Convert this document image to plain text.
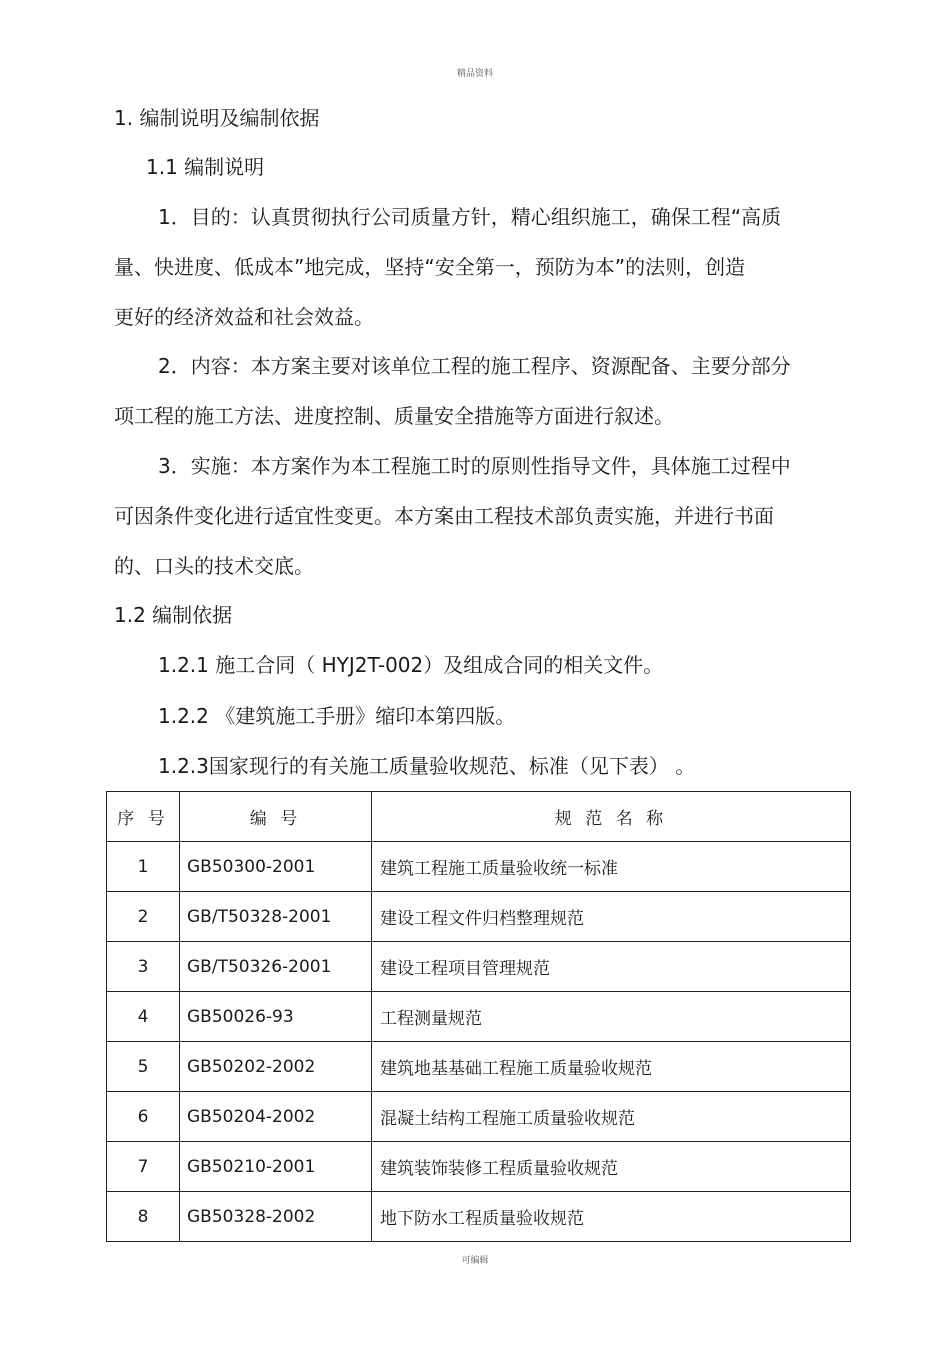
精品资料
1. 编制说明及编制依据
1.1 编制说明
1．目的：认真贯彻执行公司质量方针，精心组织施工，确保工程“高质
量、快进度、低成本”地完成，坚持“安全第一，预防为本”的法则，创造
更好的经济效益和社会效益。
2．内容：本方案主要对该单位工程的施工程序、资源配备、主要分部分
项工程的施工方法、进度控制、质量安全措施等方面进行叙述。
3．实施：本方案作为本工程施工时的原则性指导文件，具体施工过程中
可因条件变化进行适宜性变更。本方案由工程技术部负责实施，并进行书面
的、口头的技术交底。
1.2 编制依据
1.2.1 施工合同（ HYJ2T-002）及组成合同的相关文件。
1.2.2 《建筑施工手册》缩印本第四版。
1.2.3国家现行的有关施工质量验收规范、标准（见下表） 。
序 号	编 号	规 范 名 称
1	GB50300-2001	建筑工程施工质量验收统一标准
2	GB/T50328-2001	建设工程文件归档整理规范
3	GB/T50326-2001	建设工程项目管理规范
4	GB50026-93	工程测量规范
5	GB50202-2002	建筑地基基础工程施工质量验收规范
6	GB50204-2002	混凝土结构工程施工质量验收规范
7	GB50210-2001	建筑装饰装修工程质量验收规范
8	GB50328-2002	地下防水工程质量验收规范
可编辑
